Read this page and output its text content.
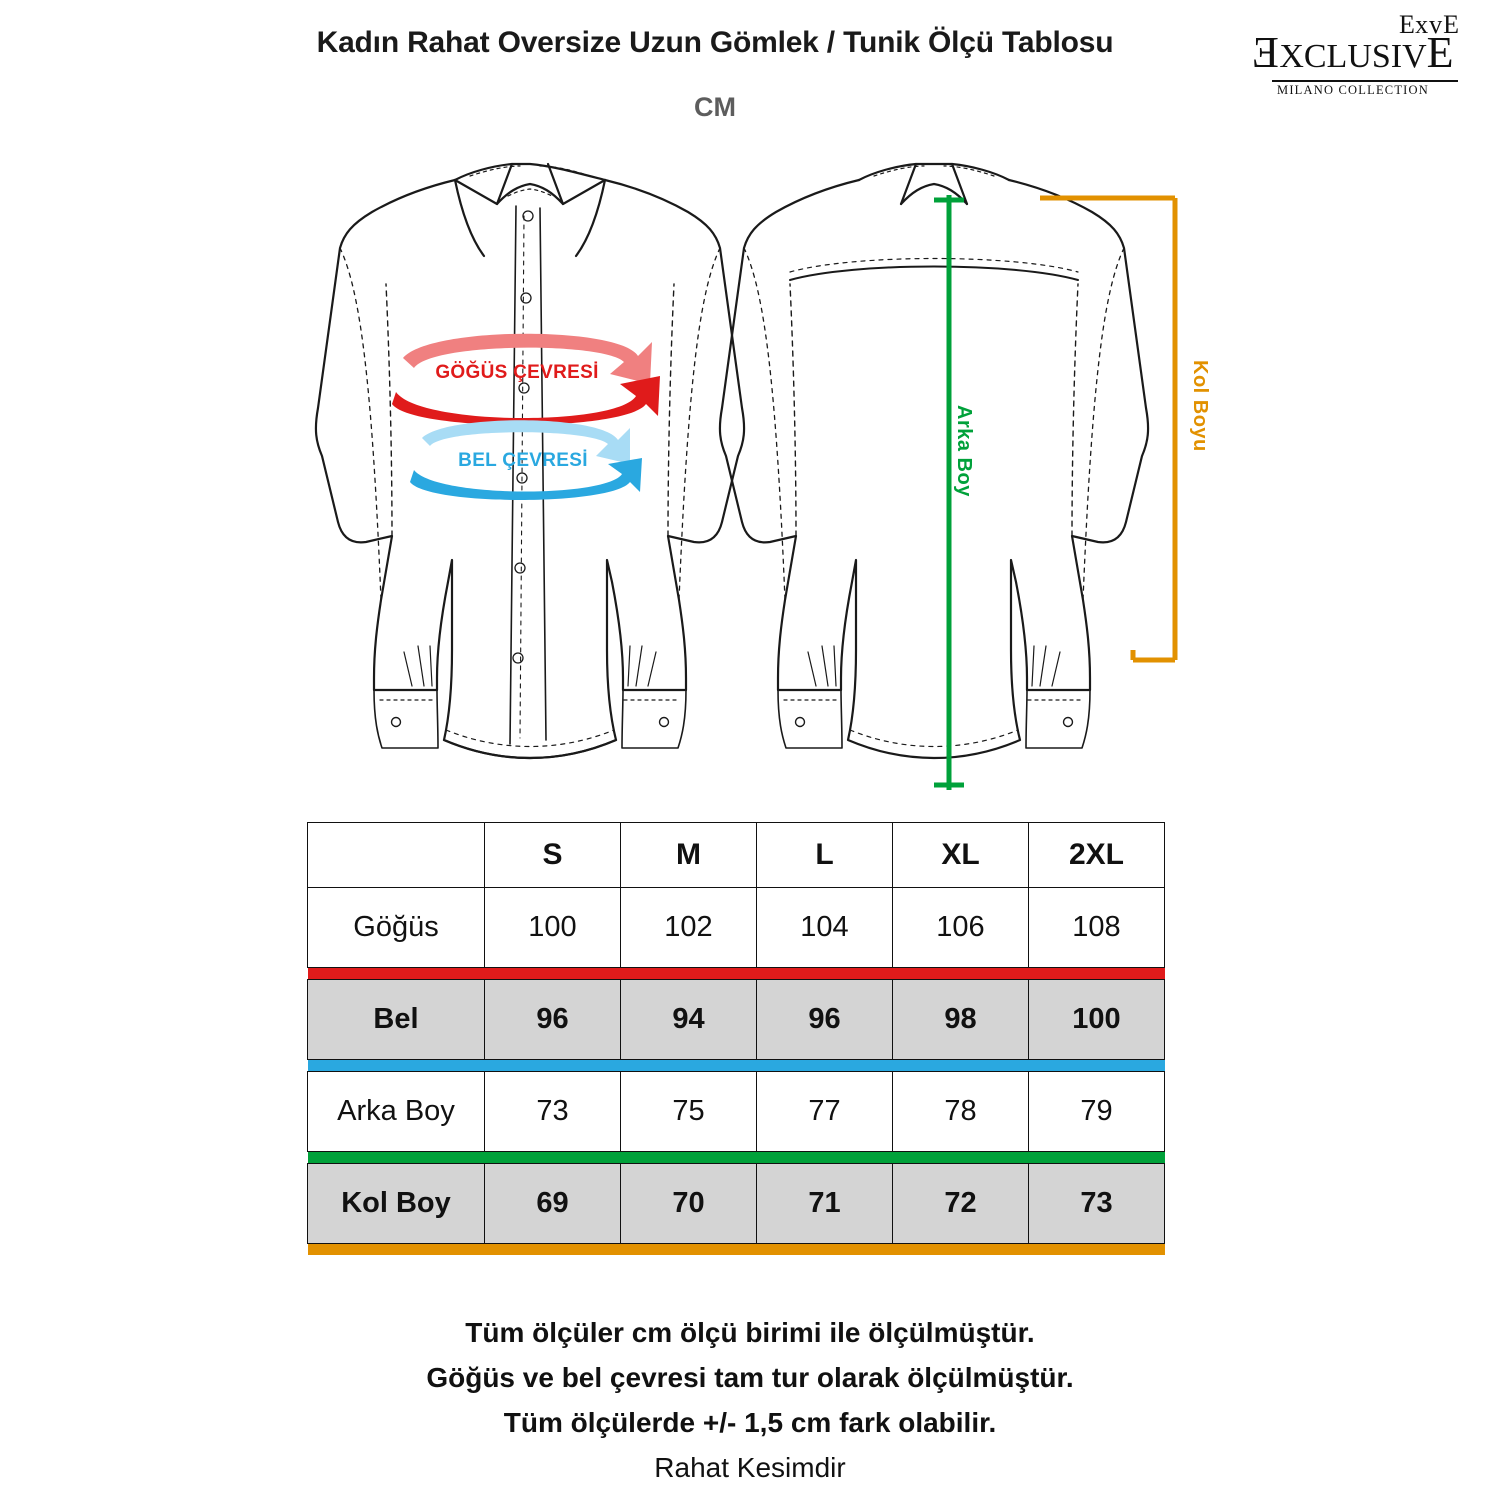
Kadın Rahat Oversize Uzun Gömlek / Tunik Ölçü Tablosu
CM
ƎxvE
EXCLUSIVE
MILANO COLLECTION
Arka Boy	Kol Boyu
GÖĞÜS ÇEVRESİ
BEL ÇEVRESİ
	S	M	L	XL	2XL
Göğüs	100	102	104	106	108

Bel	96	94	96	98	100

Arka Boy	73	75	77	78	79

Kol Boy	69	70	71	72	73

Tüm ölçüler cm ölçü birimi ile ölçülmüştür.
Göğüs ve bel çevresi tam tur olarak ölçülmüştür.
Tüm ölçülerde +/- 1,5 cm fark olabilir.
Rahat Kesimdir
